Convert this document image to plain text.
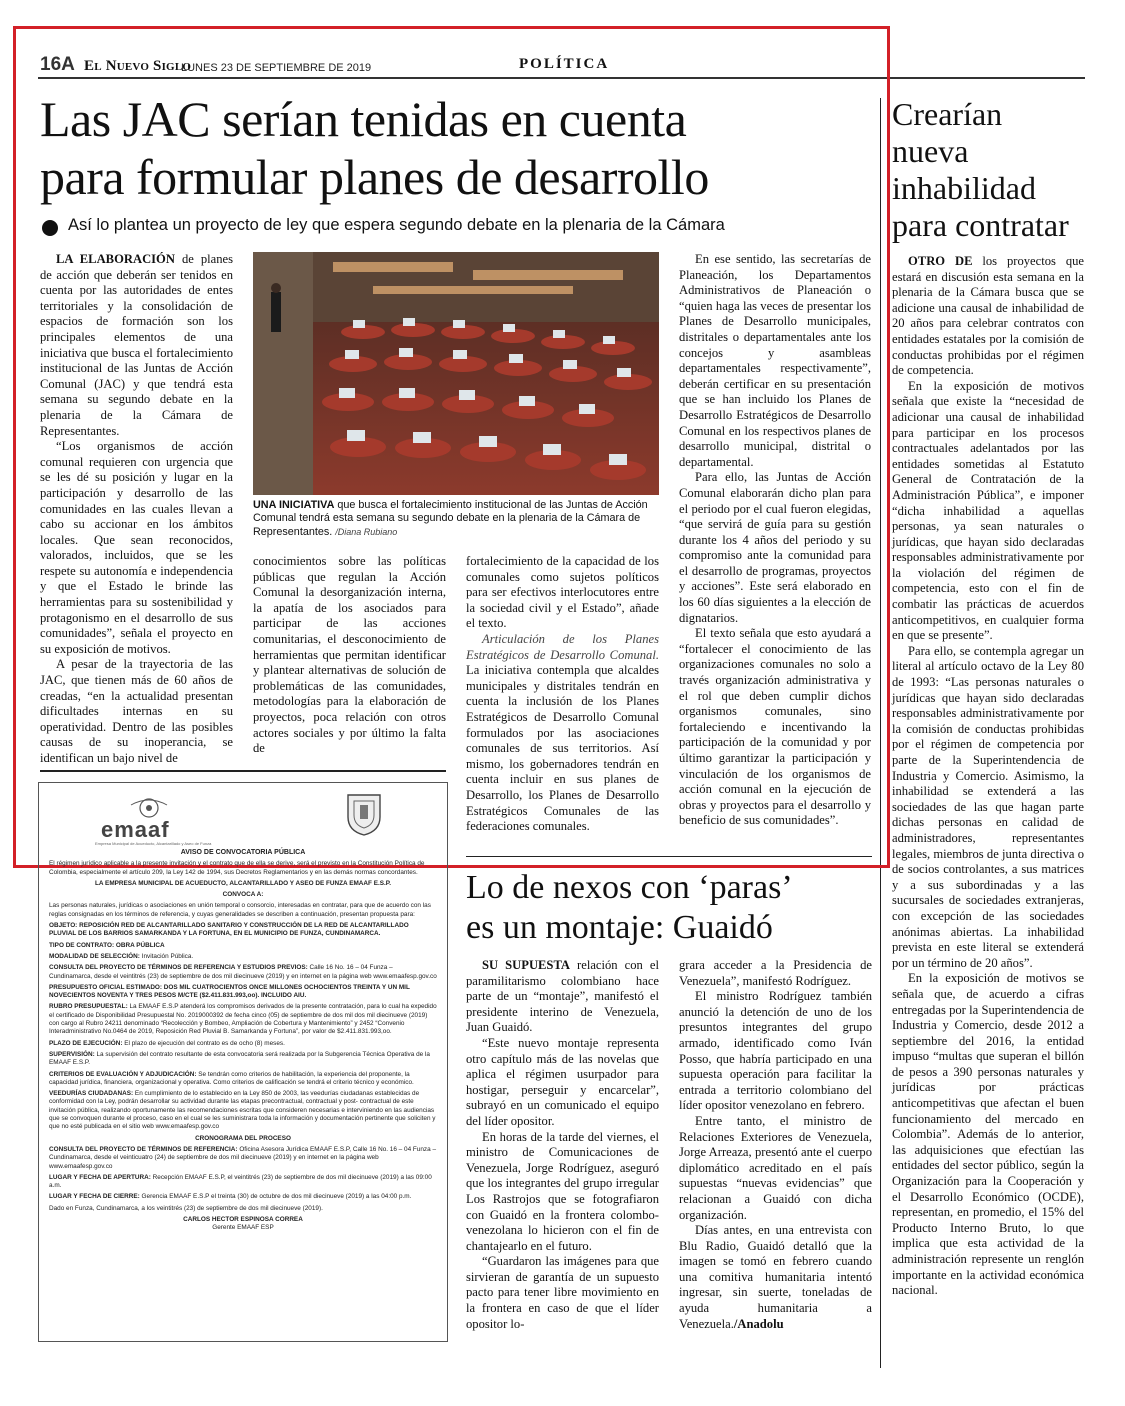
16A El Nuevo Siglo
LUNES 23 DE SEPTIEMBRE DE 2019	POLÍTICA
Las JAC serían tenidas en cuenta
para formular planes de desarrollo
Así lo plantea un proyecto de ley que espera segundo debate en la plenaria de la Cámara

LA ELABORACIÓN de planes de acción que deberán ser tenidos en cuenta por las autoridades de entes territoriales y la consolidación de espacios de formación son los principales elementos de una iniciativa que busca el fortalecimiento institucional de las Juntas de Acción Comunal (JAC) y que tendrá esta semana su segundo debate en la plenaria de la Cámara de Representantes.

“Los organismos de acción comunal requieren con urgencia que se les dé su posición y lugar en la participación y desarrollo de las comunidades en las cuales llevan a cabo su accionar en los ámbitos locales. Que sean reconocidos, valorados, incluidos, que se les respete su autonomía e independencia y que el Estado le brinde las herramientas para su sostenibilidad y protagonismo en el desarrollo de sus comunidades”, señala el proyecto en su exposición de motivos.

A pesar de la trayectoria de las JAC, que tienen más de 60 años de creadas, “en la actualidad presentan dificultades internas en su operatividad. Dentro de las posibles causas de su inoperancia, se identifican un bajo nivel de

UNA INICIATIVA que busca el fortalecimiento institucional de las Juntas de Acción Comunal tendrá esta semana su segundo debate en la plenaria de la Cámara de Representantes. /Diana Rubiano

conocimientos sobre las políticas públicas que regulan la Acción Comunal la desorganización interna, la apatía de los asociados para participar de las acciones comunitarias, el desconocimiento de herramientas que permitan identificar y plantear alternativas de solución de problemáticas de las comunidades, metodologías para la elaboración de proyectos, poca relación con otros actores sociales y por último la falta de

fortalecimiento de la capacidad de los comunales como sujetos políticos para ser efectivos interlocutores entre la sociedad civil y el Estado”, añade el texto.

Articulación de los Planes Estratégicos de Desarrollo Comunal. La iniciativa contempla que alcaldes municipales y distritales tendrán en cuenta la inclusión de los Planes Estratégicos de Desarrollo Comunal formulados por las asociaciones comunales de sus territorios. Así mismo, los gobernadores tendrán en cuenta incluir en sus planes de Desarrollo, los Planes de Desarrollo Estratégicos Comunales de las federaciones comunales.

En ese sentido, las secretarías de Planeación, los Departamentos Administrativos de Planeación o “quien haga las veces de presentar los Planes de Desarrollo municipales, distritales o departamentales ante los concejos y asambleas departamentales respectivamente”, deberán certificar en su presentación que se han incluido los Planes de Desarrollo Estratégicos de Desarrollo Comunal en los respectivos planes de desarrollo municipal, distrital o departamental.

Para ello, las Juntas de Acción Comunal elaborarán dicho plan para el periodo por el cual fueron elegidas, “que servirá de guía para su gestión durante los 4 años del periodo y su compromiso ante la comunidad para el desarrollo de programas, proyectos y acciones”. Este será elaborado en los 60 días siguientes a la elección de dignatarios.

El texto señala que esto ayudará a “fortalecer el conocimiento de las organizaciones comunales no solo a través organización administrativa y el rol que deben cumplir dichos organismos comunales, sino fortaleciendo e incentivando la participación de la comunidad y por último garantizar la participación y vinculación de los organismos de acción comunal en la ejecución de obras y proyectos para el desarrollo y beneficio de sus comunidades”.

Crearían
nueva
inhabilidad
para contratar

OTRO DE los proyectos que estará en discusión esta semana en la plenaria de la Cámara busca que se adicione una causal de inhabilidad de 20 años para celebrar contratos con entidades estatales por la comisión de conductas prohibidas por el régimen de competencia.

En la exposición de motivos señala que existe la “necesidad de adicionar una causal de inhabilidad para participar en los procesos contractuales adelantados por las entidades sometidas al Estatuto General de Contratación de la Administración Pública”, e imponer “dicha inhabilidad a aquellas personas, ya sean naturales o jurídicas, que hayan sido declaradas responsables administrativamente por la violación del régimen de competencia, esto con el fin de combatir las prácticas de acuerdos anticompetitivos, en cualquier forma en que se presente”.

Para ello, se contempla agregar un literal al artículo octavo de la Ley 80 de 1993: “Las personas naturales o jurídicas que hayan sido declaradas responsables administrativamente por la comisión de conductas prohibidas por el régimen de competencia por parte de la Superintendencia de Industria y Comercio. Asimismo, la inhabilidad se extenderá a las sociedades de las que hagan parte dichas personas en calidad de administradores, representantes legales, miembros de junta directiva o de socios controlantes, a sus matrices y a sus subordinadas y a las sucursales de sociedades extranjeras, con excepción de las sociedades anónimas abiertas. La inhabilidad prevista en este literal se extenderá por un término de 20 años”.

En la exposición de motivos se señala que, de acuerdo a cifras entregadas por la Superintendencia de Industria y Comercio, desde 2012 a septiembre del 2016, la entidad impuso “multas que superan el billón de pesos a 390 personas naturales y jurídicas por prácticas anticompetitivas que afectan el buen funcionamiento del mercado en Colombia”. Además de lo anterior, las adquisiciones que efectúan las entidades del sector público, según la Organización para la Cooperación y el Desarrollo Económico (OCDE), representan, en promedio, el 15% del Producto Interno Bruto, lo que implica que esta actividad de la administración represente un renglón importante en la actividad económica nacional.

Lo de nexos con ‘paras’
es un montaje: Guaidó

SU SUPUESTA relación con el paramilitarismo colombiano hace parte de un “montaje”, manifestó el presidente interino de Venezuela, Juan Guaidó.

“Este nuevo montaje representa otro capítulo más de las novelas que aplica el régimen usurpador para hostigar, perseguir y encarcelar”, subrayó en un comunicado el equipo del líder opositor.

En horas de la tarde del viernes, el ministro de Comunicaciones de Venezuela, Jorge Rodríguez, aseguró que los integrantes del grupo irregular Los Rastrojos que se fotografiaron con Guaidó en la frontera colombo-venezolana lo hicieron con el fin de chantajearlo en el futuro.

“Guardaron las imágenes para que sirvieran de garantía de un supuesto pacto para tener libre movimiento en la frontera en caso de que el líder opositor lo-

grara acceder a la Presidencia de Venezuela”, manifestó Rodríguez.

El ministro Rodríguez también anunció la detención de uno de los presuntos integrantes del grupo armado, identificado como Iván Posso, que habría participado en una supuesta operación para facilitar la entrada a territorio colombiano del líder opositor venezolano en febrero.

Entre tanto, el ministro de Relaciones Exteriores de Venezuela, Jorge Arreaza, presentó ante el cuerpo diplomático acreditado en el país supuestas “nuevas evidencias” que relacionan a Guaidó con dicha organización.

Días antes, en una entrevista con Blu Radio, Guaidó detalló que la imagen se tomó en febrero cuando una comitiva humanitaria intentó ingresar, sin suerte, toneladas de ayuda humanitaria a Venezuela./Anadolu

emaaf
Empresa Municipal de Acueducto, Alcantarillado y Aseo de Funza

AVISO DE CONVOCATORIA PÚBLICA

El régimen jurídico aplicable a la presente invitación y el contrato que de ella se derive, será el previsto en la Constitución Política de Colombia, especialmente el artículo 209, la Ley 142 de 1994, sus Decretos Reglamentarios y en las demás normas concordantes.

LA EMPRESA MUNICIPAL DE ACUEDUCTO, ALCANTARILLADO Y ASEO DE FUNZA EMAAF E.S.P.

CONVOCA A:

Las personas naturales, jurídicas o asociaciones en unión temporal o consorcio, interesadas en contratar, para que de acuerdo con las reglas consignadas en los términos de referencia, y cuyas generalidades se describen a continuación, presentan propuesta para:

OBJETO: REPOSICIÓN RED DE ALCANTARILLADO SANITARIO Y CONSTRUCCIÓN DE LA RED DE ALCANTARILLADO PLUVIAL DE LOS BARRIOS SAMARKANDA Y LA FORTUNA, EN EL MUNICIPIO DE FUNZA, CUNDINAMARCA.

TIPO DE CONTRATO: OBRA PÚBLICA

MODALIDAD DE SELECCIÓN: Invitación Pública.

CONSULTA DEL PROYECTO DE TÉRMINOS DE REFERENCIA Y ESTUDIOS PREVIOS: Calle 16 No. 16 – 04 Funza – Cundinamarca, desde el veintitrés (23) de septiembre de dos mil diecinueve (2019) y en internet en la página web www.emaafesp.gov.co

PRESUPUESTO OFICIAL ESTIMADO: DOS MIL CUATROCIENTOS ONCE MILLONES OCHOCIENTOS TREINTA Y UN MIL NOVECIENTOS NOVENTA Y TRES PESOS M/CTE ($2.411.831.993,oo). INCLUIDO AIU.

RUBRO PRESUPUESTAL: La EMAAF E.S.P atenderá los compromisos derivados de la presente contratación, para lo cual ha expedido el certificado de Disponibilidad Presupuestal No. 2019000392 de fecha cinco (05) de septiembre de dos mil dos mil diecinueve (2019) con cargo al Rubro 24211 denominado “Recolección y Bombeo, Ampliación de Cobertura y Mantenimiento” y 2452 “Convenio Interadministrativo No.0464 de 2019, Reposición Red Pluvial B. Samarkanda y Fortuna”, por valor de $2.411.831.993,oo.

PLAZO DE EJECUCIÓN: El plazo de ejecución del contrato es de ocho (8) meses.

SUPERVISIÓN: La supervisión del contrato resultante de esta convocatoria será realizada por la Subgerencia Técnica Operativa de la EMAAF E.S.P.

CRITERIOS DE EVALUACIÓN Y ADJUDICACIÓN: Se tendrán como criterios de habilitación, la experiencia del proponente, la capacidad jurídica, financiera, organizacional y operativa. Como criterios de calificación se tendrá el criterio técnico y económico.

VEEDURÍAS CIUDADANAS: En cumplimiento de lo establecido en la Ley 850 de 2003, las veedurías ciudadanas establecidas de conformidad con la Ley, podrán desarrollar su actividad durante las etapas precontractual, contractual y post- contractual de este invitación pública, realizando oportunamente las recomendaciones escritas que consideren necesarias e interviniendo en las audiencias que se convoquen durante el proceso, caso en el cual se les suministrara toda la información y documentación pertinente que soliciten y que no esté publicada en el sitio web www.emaafesp.gov.co

CRONOGRAMA DEL PROCESO

CONSULTA DEL PROYECTO DE TÉRMINOS DE REFERENCIA: Oficina Asesora Jurídica EMAAF E.S.P, Calle 16 No. 16 – 04 Funza – Cundinamarca, desde el veinticuatro (24) de septiembre de dos mil diecinueve (2019) y en internet en la página web www.emaafesp.gov.co

LUGAR Y FECHA DE APERTURA: Recepción EMAAF E.S.P, el veintitrés (23) de septiembre de dos mil diecinueve (2019) a las 09:00 a.m.

LUGAR Y FECHA DE CIERRE: Gerencia EMAAF E.S.P el treinta (30) de octubre de dos mil diecinueve (2019) a las 04:00 p.m.

Dado en Funza, Cundinamarca, a los veintitrés (23) de septiembre de dos mil diecinueve (2019).

CARLOS HECTOR ESPINOSA CORREA

Gerente EMAAF ESP
